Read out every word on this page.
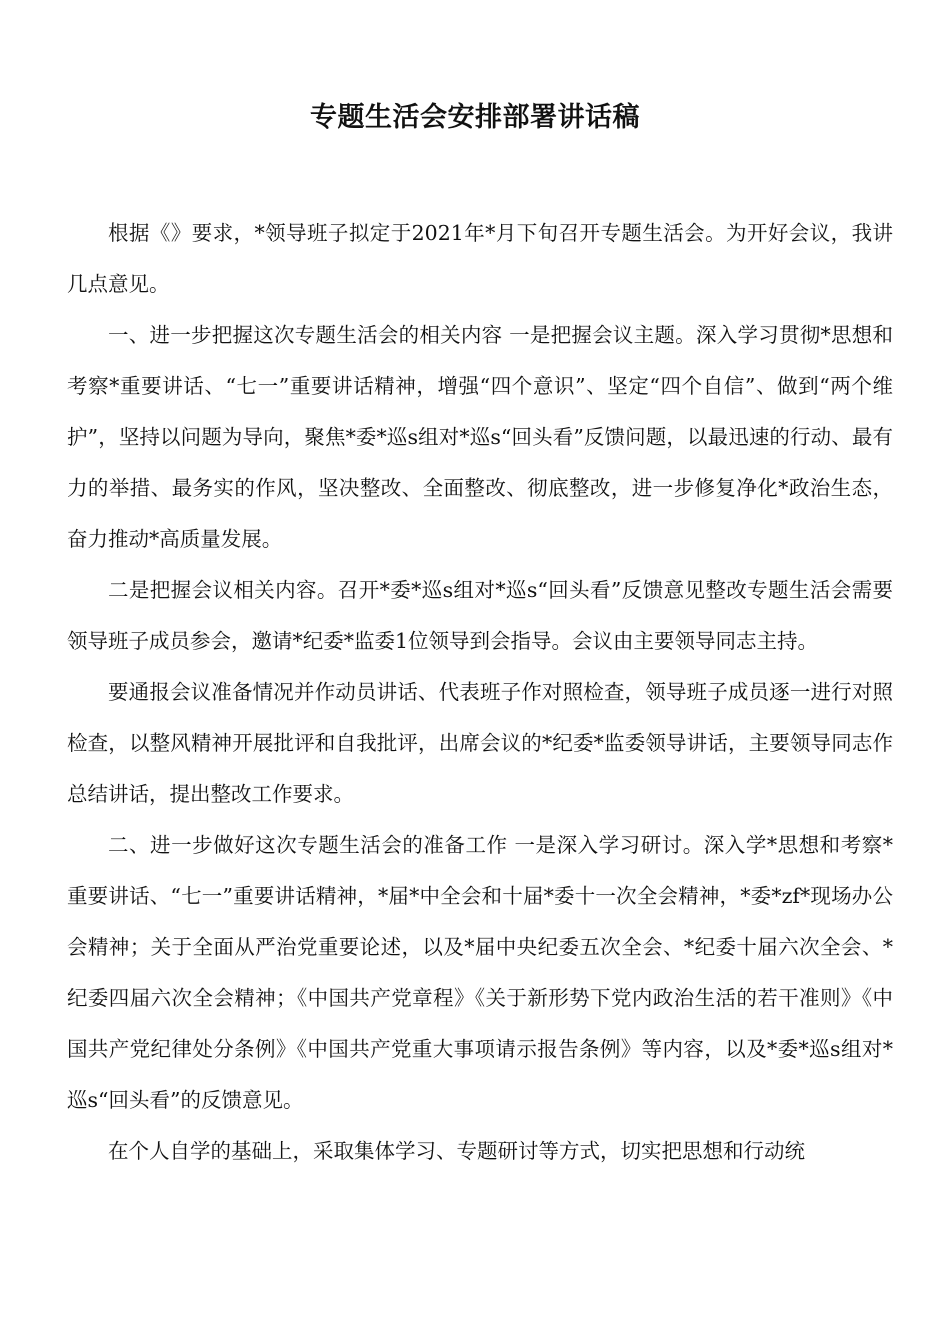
专题生活会安排部署讲话稿

根据《》要求，*领导班子拟定于2021年*月下旬召开专题生活会。为开好会议，我讲几点意见。

一、进一步把握这次专题生活会的相关内容 一是把握会议主题。深入学习贯彻*思想和考察*重要讲话、“七一”重要讲话精神，增强“四个意识”、坚定“四个自信”、做到“两个维护”，坚持以问题为导向，聚焦*委*巡s组对*巡s“回头看”反馈问题，以最迅速的行动、最有力的举措、最务实的作风，坚决整改、全面整改、彻底整改，进一步修复净化*政治生态，奋力推动*高质量发展。

二是把握会议相关内容。召开*委*巡s组对*巡s“回头看”反馈意见整改专题生活会需要领导班子成员参会，邀请*纪委*监委1位领导到会指导。会议由主要领导同志主持。

要通报会议准备情况并作动员讲话、代表班子作对照检查，领导班子成员逐一进行对照检查，以整风精神开展批评和自我批评，出席会议的*纪委*监委领导讲话，主要领导同志作总结讲话，提出整改工作要求。

二、进一步做好这次专题生活会的准备工作 一是深入学习研讨。深入学*思想和考察*重要讲话、“七一”重要讲话精神，*届*中全会和十届*委十一次全会精神，*委*zf*现场办公会精神；关于全面从严治党重要论述，以及*届中央纪委五次全会、*纪委十届六次全会、*纪委四届六次全会精神；《中国共产党章程》《关于新形势下党内政治生活的若干准则》《中国共产党纪律处分条例》《中国共产党重大事项请示报告条例》等内容，以及*委*巡s组对*巡s“回头看”的反馈意见。

在个人自学的基础上，采取集体学习、专题研讨等方式，切实把思想和行动统
